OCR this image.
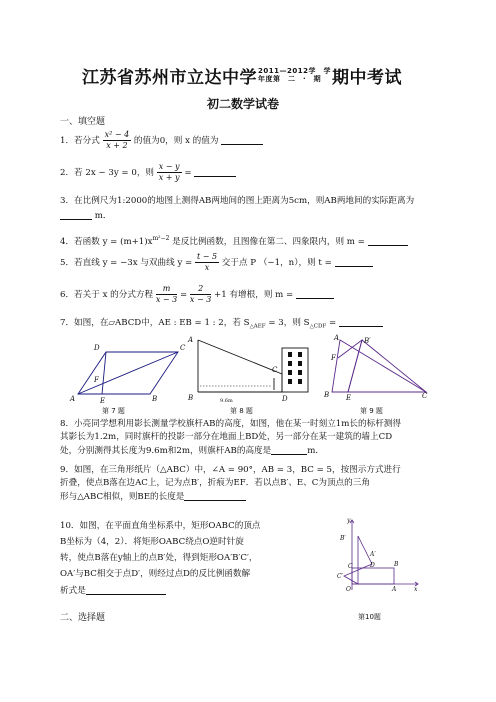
江苏省苏州市立达中学 2011—2012学　学
年度第　二　·　期 期中考试
初二数学试卷
一、填空题
1．若分式 $\frac{\text{x² − 4}}{x + 2}$ 的值为0，则 x 的值为
2．若 2x − 3y = 0，则 $\frac{x - y}{x + y}$ =
3．在比例尺为1:2000的地图上测得AB两地间的图上距离为5cm，则AB两地间的实际距离为  m．
4．若函数 $y = (m+1)x^{m^2-2}$ 是反比例函数，且图像在第二、四象限内，则 m =
5．若直线 y = −3x 与双曲线 $y = \frac{t - 5}{x}$ 交于点 P （−1，n），则 t =
6．若关于 x 的分式方程 $\frac{m}{x - 3} = \frac{2}{x - 3} +1$ 有增根，则 m =
7．如图，在▱ABCD中，AE : EB = 1 : 2，若 $S_{\triangle AEF} = 3$，则 $S_{\triangle CDF}$ =
D	C
F
A	E	B
A
C
B	D
9.6m
A	B′
F
B E	C
第 7 题	第 8 题	第 9 题
8．小亮同学想利用影长测量学校旗杆AB的高度，如图，他在某一时刻立1m长的标杆测得
其影长为1.2m，同时旗杆的投影一部分在地面上BD处，另一部分在某一建筑的墙上CD
处，分别测得其长度为9.6m和2m，则旗杆AB的高度是	m．
9．如图，在三角形纸片（△ABC）中，∠A = 90°，AB = 3，BC = 5，按图示方式进行
折叠，使点B落在边AC上，记为点B′，折痕为EF．若以点B′、E、C为顶点的三角
形与△ABC相似，则BE的长度是
10．如图，在平面直角坐标系中，矩形OABC的顶点
B坐标为（4，2）．将矩形OABC绕点O逆时针旋
转，使点B落在y轴上的点B′处，得到矩形OA′B′C′，
OA′与BC相交于点D′，则经过点D的反比例函数解
析式是
y
B′
A′
C′
C	D	B
O	A	x
第10题
二、选择题
